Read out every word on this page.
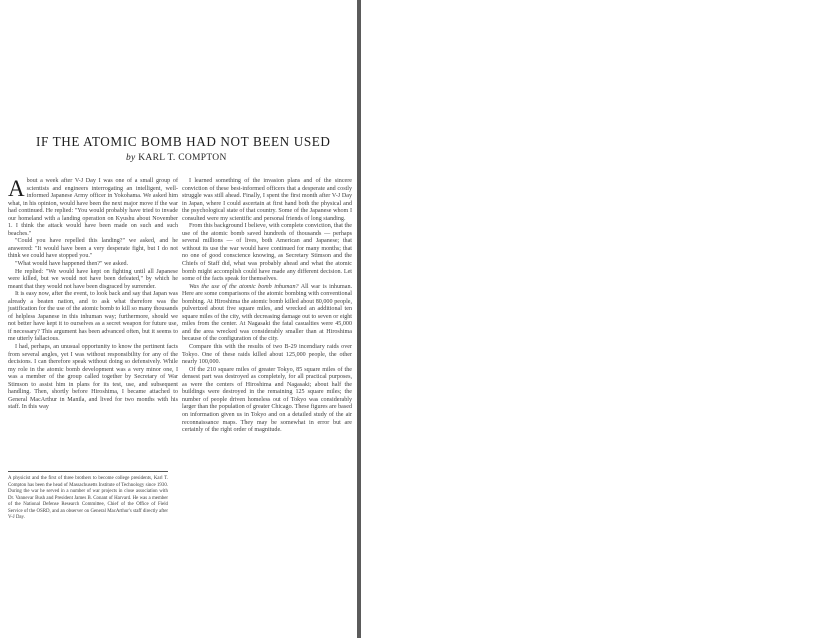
IF THE ATOMIC BOMB HAD NOT BEEN USED
by KARL T. COMPTON

About a week after V-J Day I was one of a small group of scientists and engineers interrogating an intelligent, well-informed Japanese Army officer in Yokohama. We asked him what, in his opinion, would have been the next major move if the war had continued. He replied: "You would probably have tried to invade our homeland with a landing operation on Kyushu about November 1. I think the attack would have been made on such and such beaches."

"Could you have repelled this landing?" we asked, and he answered: "It would have been a very desperate fight, but I do not think we could have stopped you."

"What would have happened then?" we asked.

He replied: "We would have kept on fighting until all Japanese were killed, but we would not have been defeated," by which he meant that they would not have been disgraced by surrender.

It is easy now, after the event, to look back and say that Japan was already a beaten nation, and to ask what therefore was the justification for the use of the atomic bomb to kill so many thousands of helpless Japanese in this inhuman way; furthermore, should we not better have kept it to ourselves as a secret weapon for future use, if necessary? This argument has been advanced often, but it seems to me utterly fallacious.

I had, perhaps, an unusual opportunity to know the pertinent facts from several angles, yet I was without responsibility for any of the decisions. I can therefore speak without doing so defensively. While my role in the atomic bomb development was a very minor one, I was a member of the group called together by Secretary of War Stimson to assist him in plans for its test, use, and subsequent handling. Then, shortly before Hiroshima, I became attached to General MacArthur in Manila, and lived for two months with his staff. In this way

A physicist and the first of three brothers to become college presidents, Karl T. Compton has been the head of Massachusetts Institute of Technology since 1930. During the war he served in a number of war projects in close association with Dr. Vannevar Bush and President James B. Conant of Harvard. He was a member of the National Defense Research Committee, Chief of the Office of Field Service of the OSRD, and an observer on General MacArthur's staff directly after V-J Day.

I learned something of the invasion plans and of the sincere conviction of these best-informed officers that a desperate and costly struggle was still ahead. Finally, I spent the first month after V-J Day in Japan, where I could ascertain at first hand both the physical and the psychological state of that country. Some of the Japanese whom I consulted were my scientific and personal friends of long standing.

From this background I believe, with complete conviction, that the use of the atomic bomb saved hundreds of thousands — perhaps several millions — of lives, both American and Japanese; that without its use the war would have continued for many months; that no one of good conscience knowing, as Secretary Stimson and the Chiefs of Staff did, what was probably ahead and what the atomic bomb might accomplish could have made any different decision. Let some of the facts speak for themselves.

Was the use of the atomic bomb inhuman? All war is inhuman. Here are some comparisons of the atomic bombing with conventional bombing. At Hiroshima the atomic bomb killed about 80,000 people, pulverized about five square miles, and wrecked an additional ten square miles of the city, with decreasing damage out to seven or eight miles from the center. At Nagasaki the fatal casualties were 45,000 and the area wrecked was considerably smaller than at Hiroshima because of the configuration of the city.

Compare this with the results of two B-29 incendiary raids over Tokyo. One of these raids killed about 125,000 people, the other nearly 100,000.

Of the 210 square miles of greater Tokyo, 85 square miles of the densest part was destroyed as completely, for all practical purposes, as were the centers of Hiroshima and Nagasaki; about half the buildings were destroyed in the remaining 125 square miles; the number of people driven homeless out of Tokyo was considerably larger than the population of greater Chicago. These figures are based on information given us in Tokyo and on a detailed study of the air reconnaissance maps. They may be somewhat in error but are certainly of the right order of magnitude.
